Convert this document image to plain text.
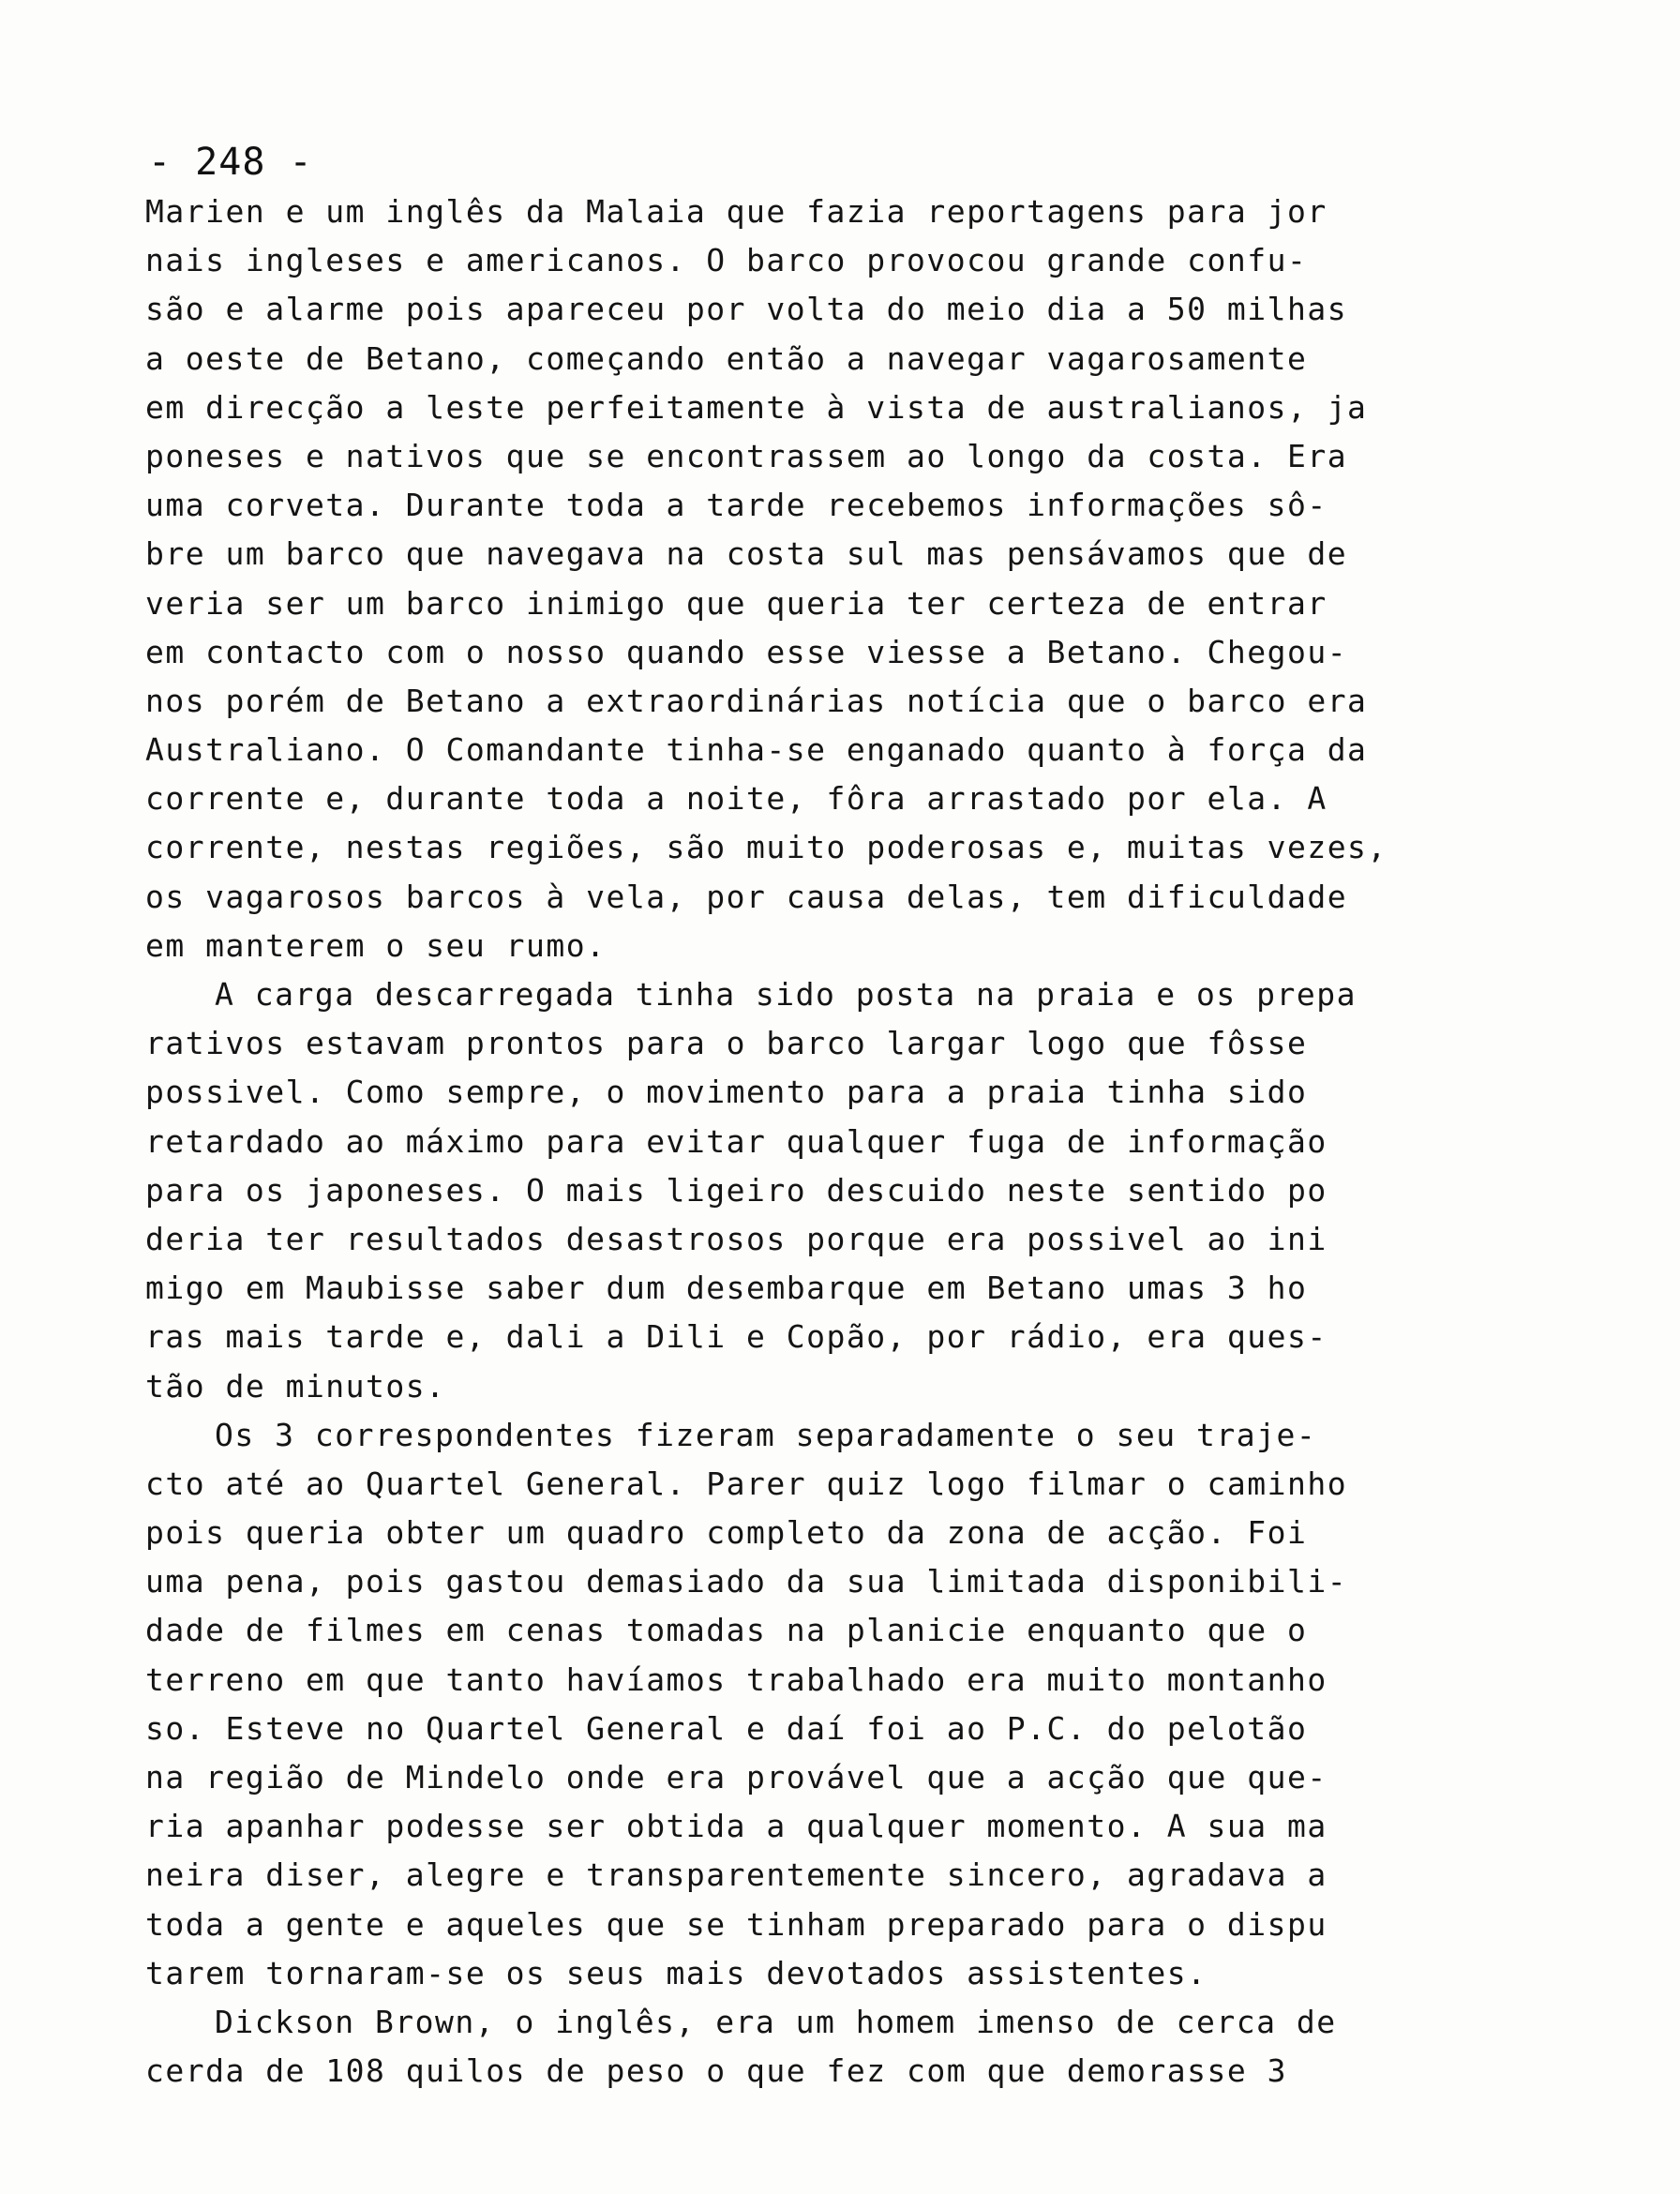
- 248 -
Marien e um inglês da Malaia que fazia reportagens para jor
nais ingleses e americanos. O barco provocou grande confu-
são e alarme pois apareceu por volta do meio dia a 50 milhas
a oeste de Betano, começando então a navegar vagarosamente
em direcção a leste perfeitamente à vista de australianos, ja
poneses e nativos que se encontrassem ao longo da costa. Era
uma corveta. Durante toda a tarde recebemos informações sô-
bre um barco que navegava na costa sul mas pensávamos que de
veria ser um barco inimigo que queria ter certeza de entrar
em contacto com o nosso quando esse viesse a Betano. Chegou-
nos porém de Betano a extraordinárias notícia que o barco era
Australiano. O Comandante tinha-se enganado quanto à força da
corrente e, durante toda a noite, fôra arrastado por ela. A
corrente, nestas regiões, são muito poderosas e, muitas vezes,
os vagarosos barcos à vela, por causa delas, tem dificuldade
em manterem o seu rumo.
A carga descarregada tinha sido posta na praia e os prepa
rativos estavam prontos para o barco largar logo que fôsse
possivel. Como sempre, o movimento para a praia tinha sido
retardado ao máximo para evitar qualquer fuga de informação
para os japoneses. O mais ligeiro descuido neste sentido po
deria ter resultados desastrosos porque era possivel ao ini
migo em Maubisse saber dum desembarque em Betano umas 3 ho
ras mais tarde e, dali a Dili e Copão, por rádio, era ques-
tão de minutos.
Os 3 correspondentes fizeram separadamente o seu traje-
cto até ao Quartel General. Parer quiz logo filmar o caminho
pois queria obter um quadro completo da zona de acção. Foi
uma pena, pois gastou demasiado da sua limitada disponibili-
dade de filmes em cenas tomadas na planicie enquanto que o
terreno em que tanto havíamos trabalhado era muito montanho
so. Esteve no Quartel General e daí foi ao P.C. do pelotão
na região de Mindelo onde era provável que a acção que que-
ria apanhar podesse ser obtida a qualquer momento. A sua ma
neira diser, alegre e transparentemente sincero, agradava a
toda a gente e aqueles que se tinham preparado para o dispu
tarem tornaram-se os seus mais devotados assistentes.
Dickson Brown, o inglês, era um homem imenso de cerca de
cerda de 108 quilos de peso o que fez com que demorasse 3
